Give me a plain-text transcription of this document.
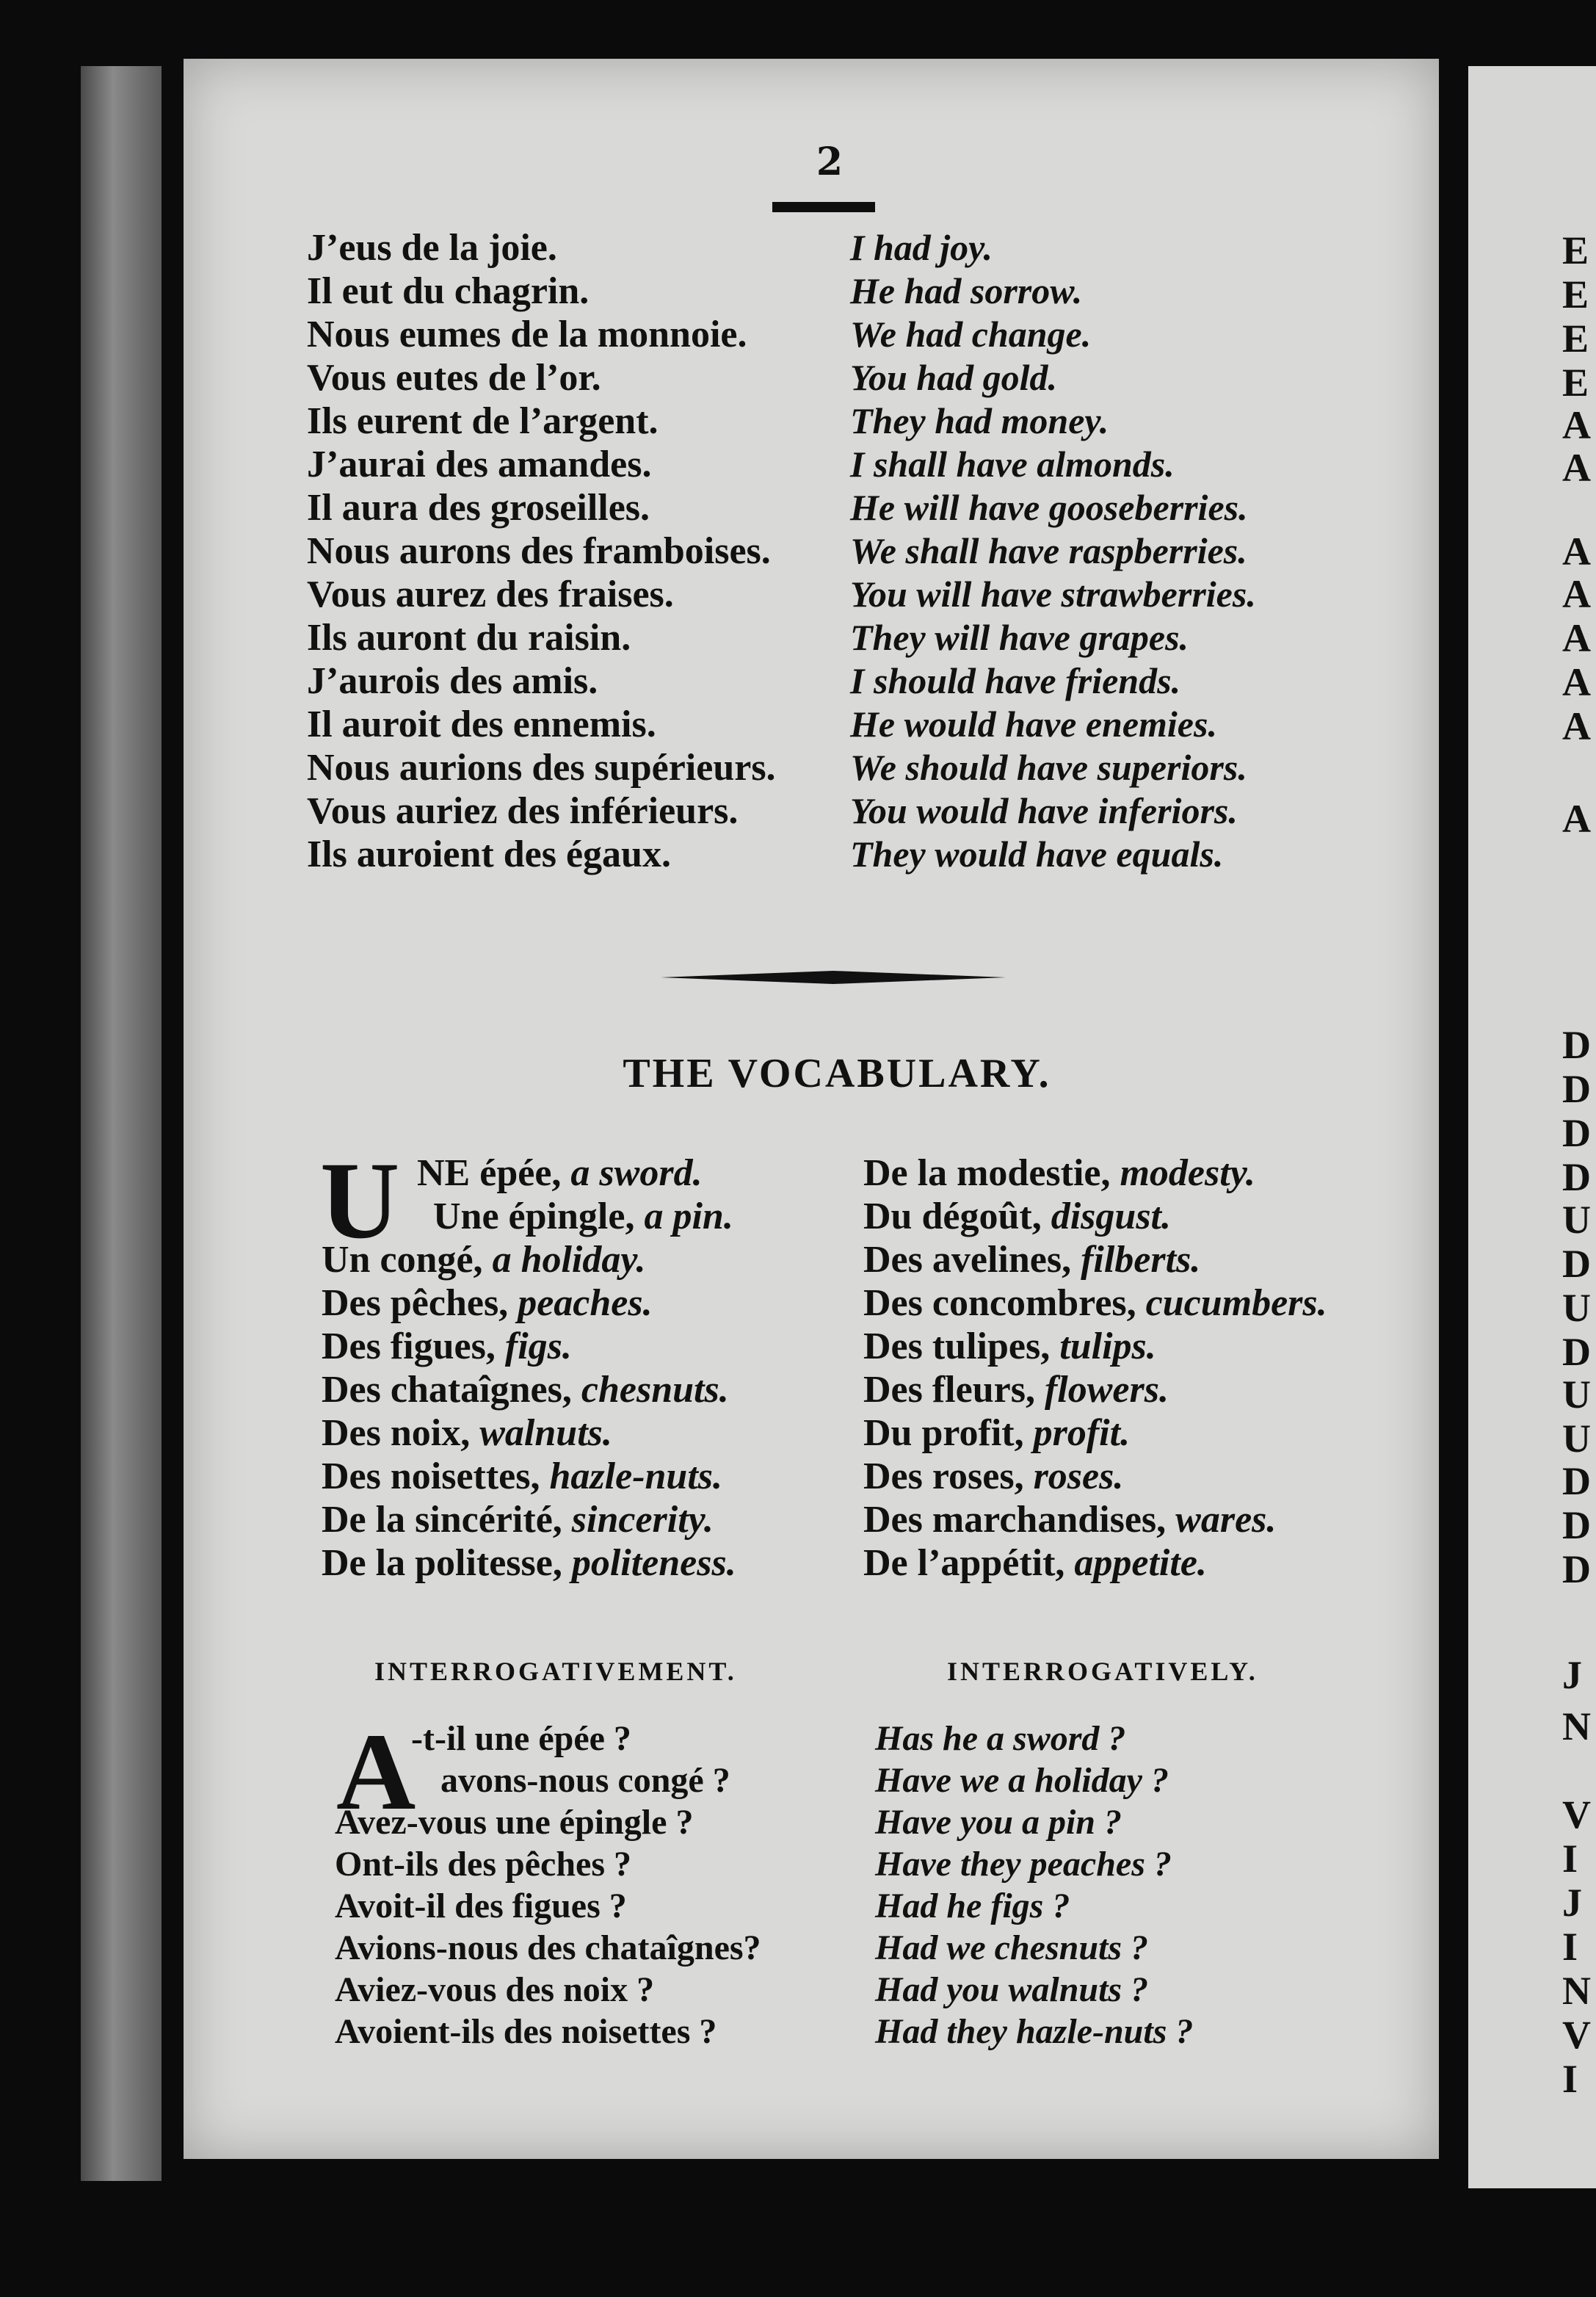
2
J’eus de la joie.	I had joy.
Il eut du chagrin.	He had sorrow.
Nous eumes de la monnoie.	We had change.
Vous eutes de l’or.	You had gold.
Ils eurent de l’argent.	They had money.
J’aurai des amandes.	I shall have almonds.
Il aura des groseilles.	He will have gooseberries.
Nous aurons des framboises. We shall have raspberries.
Vous aurez des fraises.	You will have strawberries.
Ils auront du raisin.	They will have grapes.
J’aurois des amis.	I should have friends.
Il auroit des ennemis.	He would have enemies.
Nous aurions des supérieurs. We should have superiors.
Vous auriez des inférieurs.	You would have inferiors.
Ils auroient des égaux.	They would have equals.
THE VOCABULARY.
U NE épée, a sword.
Une épingle, a pin.
Un congé, a holiday.
Des pêches, peaches.
Des figues, figs.
Des chataîgnes, chesnuts.
Des noix, walnuts.
Des noisettes, hazle-nuts.
De la sincérité, sincerity.
De la politesse, politeness.
De la modestie, modesty.
Du dégoût, disgust.
Des avelines, filberts.
Des concombres, cucumbers.
Des tulipes, tulips.
Des fleurs, flowers.
Du profit, profit.
Des roses, roses.
Des marchandises, wares.
De l’appétit, appetite.
INTERROGATIVEMENT.	INTERROGATIVELY.
A
-t-il une épée ?	Has he a sword ?
avons-nous congé ?	Have we a holiday ?
Avez-vous une épingle ?	Have you a pin ?
Ont-ils des pêches ?	Have they peaches ?
Avoit-il des figues ?	Had he figs ?
Avions-nous des chataîgnes?	Had we chesnuts ?
Aviez-vous des noix ?	Had you walnuts ?
Avoient-ils des noisettes ?	Had they hazle-nuts ?
E
E
E
E
A
A
A
A
A
A
A
A
D
D
D
D
U
D
U
D
U
U
D
D
D
J
N
V
I
J
I
N
V
I
